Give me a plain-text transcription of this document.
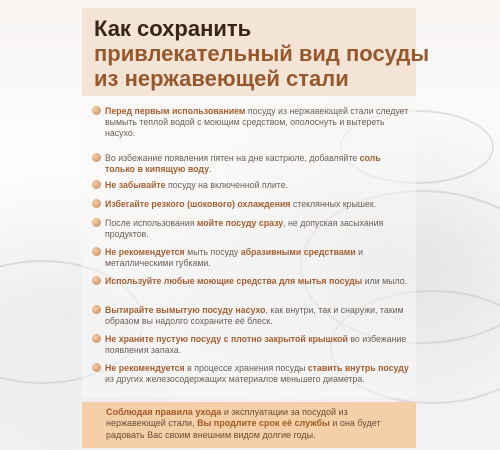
Как сохранить
привлекательный вид посуды
из нержавеющей стали
Перед первым использованием посуду из нержавеющей стали следует вымыть теплой водой с моющим средством, ополоснуть и вытереть насухо.
Во избежание появления пятен на дне кастрюле, добавляйте соль только в кипящую воду.
Не забывайте посуду на включенной плите.
Избегайте резкого (шокового) охлаждения стеклянных крышек.
После использования мойте посуду сразу, не допуская засыхания продуктов.
Не рекомендуется мыть посуду абразивными средствами и металлическими губками.
Используйте любые моющие средства для мытья посуды или мыло.
Вытирайте вымытую посуду насухо, как внутри, так и снаружи, таким образом вы надолго сохраните её блеск.
Не храните пустую посуду с плотно закрытой крышкой во избежание появления запаха.
Не рекомендуется в процессе хранения посуды ставить внутрь посуду из других железосодержащих материалов меньшего диаметра.
Соблюдая правила ухода и эксплуатации за посудой из нержавеющей стали, Вы продлите срок её службы и она будет радовать Вас своим внешним видом долгие годы.
